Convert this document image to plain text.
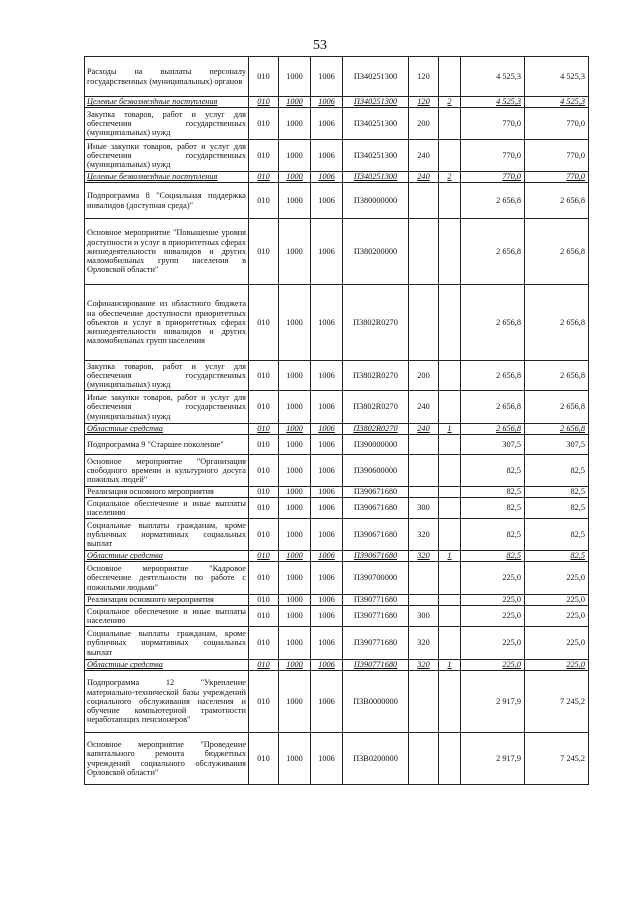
53
Расходы на выплаты персоналу государственных (муниципальных) органов	010	1000	1006	П340251300	120		4 525,3	4 525,3
Целевые безвозмездные поступления	010	1000	1006	П340251300	120	2	4 525,3	4 525,3
Закупка товаров, работ и услуг для обеспечения государственных (муниципальных) нужд	010	1000	1006	П340251300	200		770,0	770,0
Иные закупки товаров, работ и услуг для обеспечения государственных (муниципальных) нужд	010	1000	1006	П340251300	240		770,0	770,0
Целевые безвозмездные поступления	010	1000	1006	П340251300	240	2	770,0	770,0
Подпрограмма 8 "Социальная поддержка инвалидов (доступная среда)"	010	1000	1006	П380000000			2 656,8	2 656,8
Основное мероприятие "Повышение уровня доступности и услуг в приоритетных сферах жизнедеятельности инвалидов и других маломобильных групп населения в Орловской области"	010	1000	1006	П380200000			2 656,8	2 656,8
Софинансирование из областного бюджета на обеспечение доступности приоритетных объектов и услуг в приоритетных сферах жизнедеятельности инвалидов и других маломобильных групп населения	010	1000	1006	П3802R0270			2 656,8	2 656,8
Закупка товаров, работ и услуг для обеспечения государственных (муниципальных) нужд	010	1000	1006	П3802R0270	200		2 656,8	2 656,8
Иные закупки товаров, работ и услуг для обеспечения государственных (муниципальных) нужд	010	1000	1006	П3802R0270	240		2 656,8	2 656,8
Областные средства	010	1000	1006	П3802R0270	240	1	2 656,8	2 656,8
Подпрограмма 9 "Старшее поколение"	010	1000	1006	П390000000			307,5	307,5
Основное мероприятие "Организация свободного времени и культурного досуга пожилых людей"	010	1000	1006	П390600000			82,5	82,5
Реализация основного мероприятия	010	1000	1006	П390671680			82,5	82,5
Социальное обеспечение и иные выплаты населению	010	1000	1006	П390671680	300		82,5	82,5
Социальные выплаты гражданам, кроме публичных нормативных социальных выплат	010	1000	1006	П390671680	320		82,5	82,5
Областные средства	010	1000	1006	П390671680	320	1	82,5	82,5
Основное мероприятие "Кадровое обеспечение деятельности по работе с пожилыми людьми"	010	1000	1006	П390700000			225,0	225,0
Реализация основного мероприятия	010	1000	1006	П390771680			225,0	225,0
Социальное обеспечение и иные выплаты населению	010	1000	1006	П390771680	300		225,0	225,0
Социальные выплаты гражданам, кроме публичных нормативных социальных выплат	010	1000	1006	П390771680	320		225,0	225,0
Областные средства	010	1000	1006	П390771680	320	1	225,0	225,0
Подпрограмма 12 "Укрепление материально-технической базы учреждений социального обслуживания населения и обучение компьютерной грамотности неработающих пенсионеров"	010	1000	1006	П3В0000000			2 917,9	7 245,2
Основное мероприятие "Проведение капитального ремонта бюджетных учреждений социального обслуживания Орловской области"	010	1000	1006	П3В0200000			2 917,9	7 245,2
